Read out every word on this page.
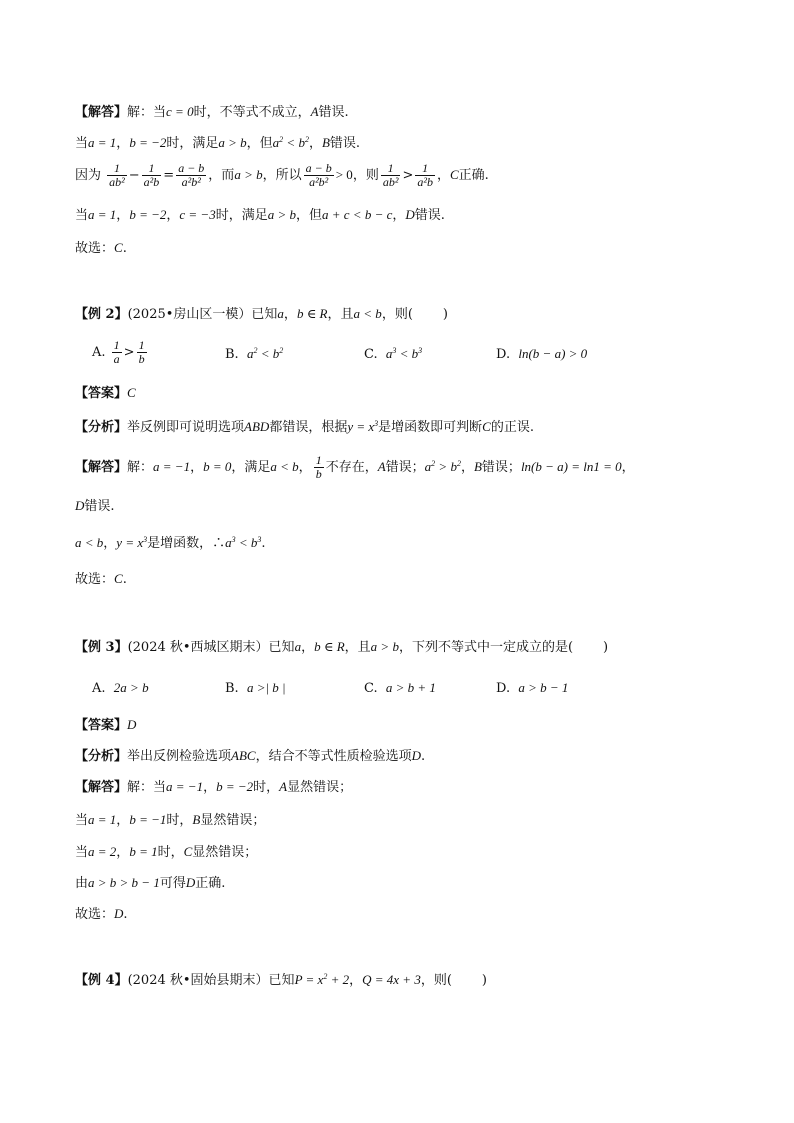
【解答】解：当c = 0时，不等式不成立，A错误.
当a = 1，b = −2时，满足a > b，但$a^2 < b^2$，B错误.
因为 $\frac{1}{\text{ab²}} - \frac{1}{\text{a²b}} = \frac{a - b}{\text{a²b²}}$ ，而a > b，所以 $\frac{a - b}{\text{a²b²}} > 0$，则 $\frac{1}{\text{ab²}} > \frac{1}{\text{a²b}}$ ，C正确.
当a = 1，b = −2，c = −3时，满足a > b，但a + c < b − c，D错误.
故选：C.
【例 2】(2025•房山区一模）已知a，b ∈ R，且a < b，则( )
A. $\frac{1}{a} > \frac{1}{b}$	B. $a^2 < b^2$	C. $a^3 < b^3$	D. ln(b − a) > 0
【答案】C
【分析】举反例即可说明选项ABD都错误，根据$y = x^3$是增函数即可判断C的正误.
【解答】解：a = −1，b = 0，满足a < b， $\frac{1}{b}$ 不存在，A错误；$a^2 > b^2$，B错误；ln(b − a) = ln1 = 0，
D错误.
a < b，$y = x^3$是增函数，$\therefore a^3 < b^3$.
故选：C.
【例 3】(2024 秋•西城区期末）已知a，b ∈ R，且a > b，下列不等式中一定成立的是( )
A. 2a > b	B. a >| b |	C. a > b + 1	D. a > b − 1
【答案】D
【分析】举出反例检验选项ABC，结合不等式性质检验选项D.
【解答】解：当a = −1，b = −2时，A显然错误；
当a = 1，b = −1时，B显然错误；
当a = 2，b = 1时，C显然错误；
由a > b > b − 1可得D正确.
故选：D.
【例 4】(2024 秋•固始县期末）已知$P = x^2 + 2$，Q = 4x + 3，则( )
